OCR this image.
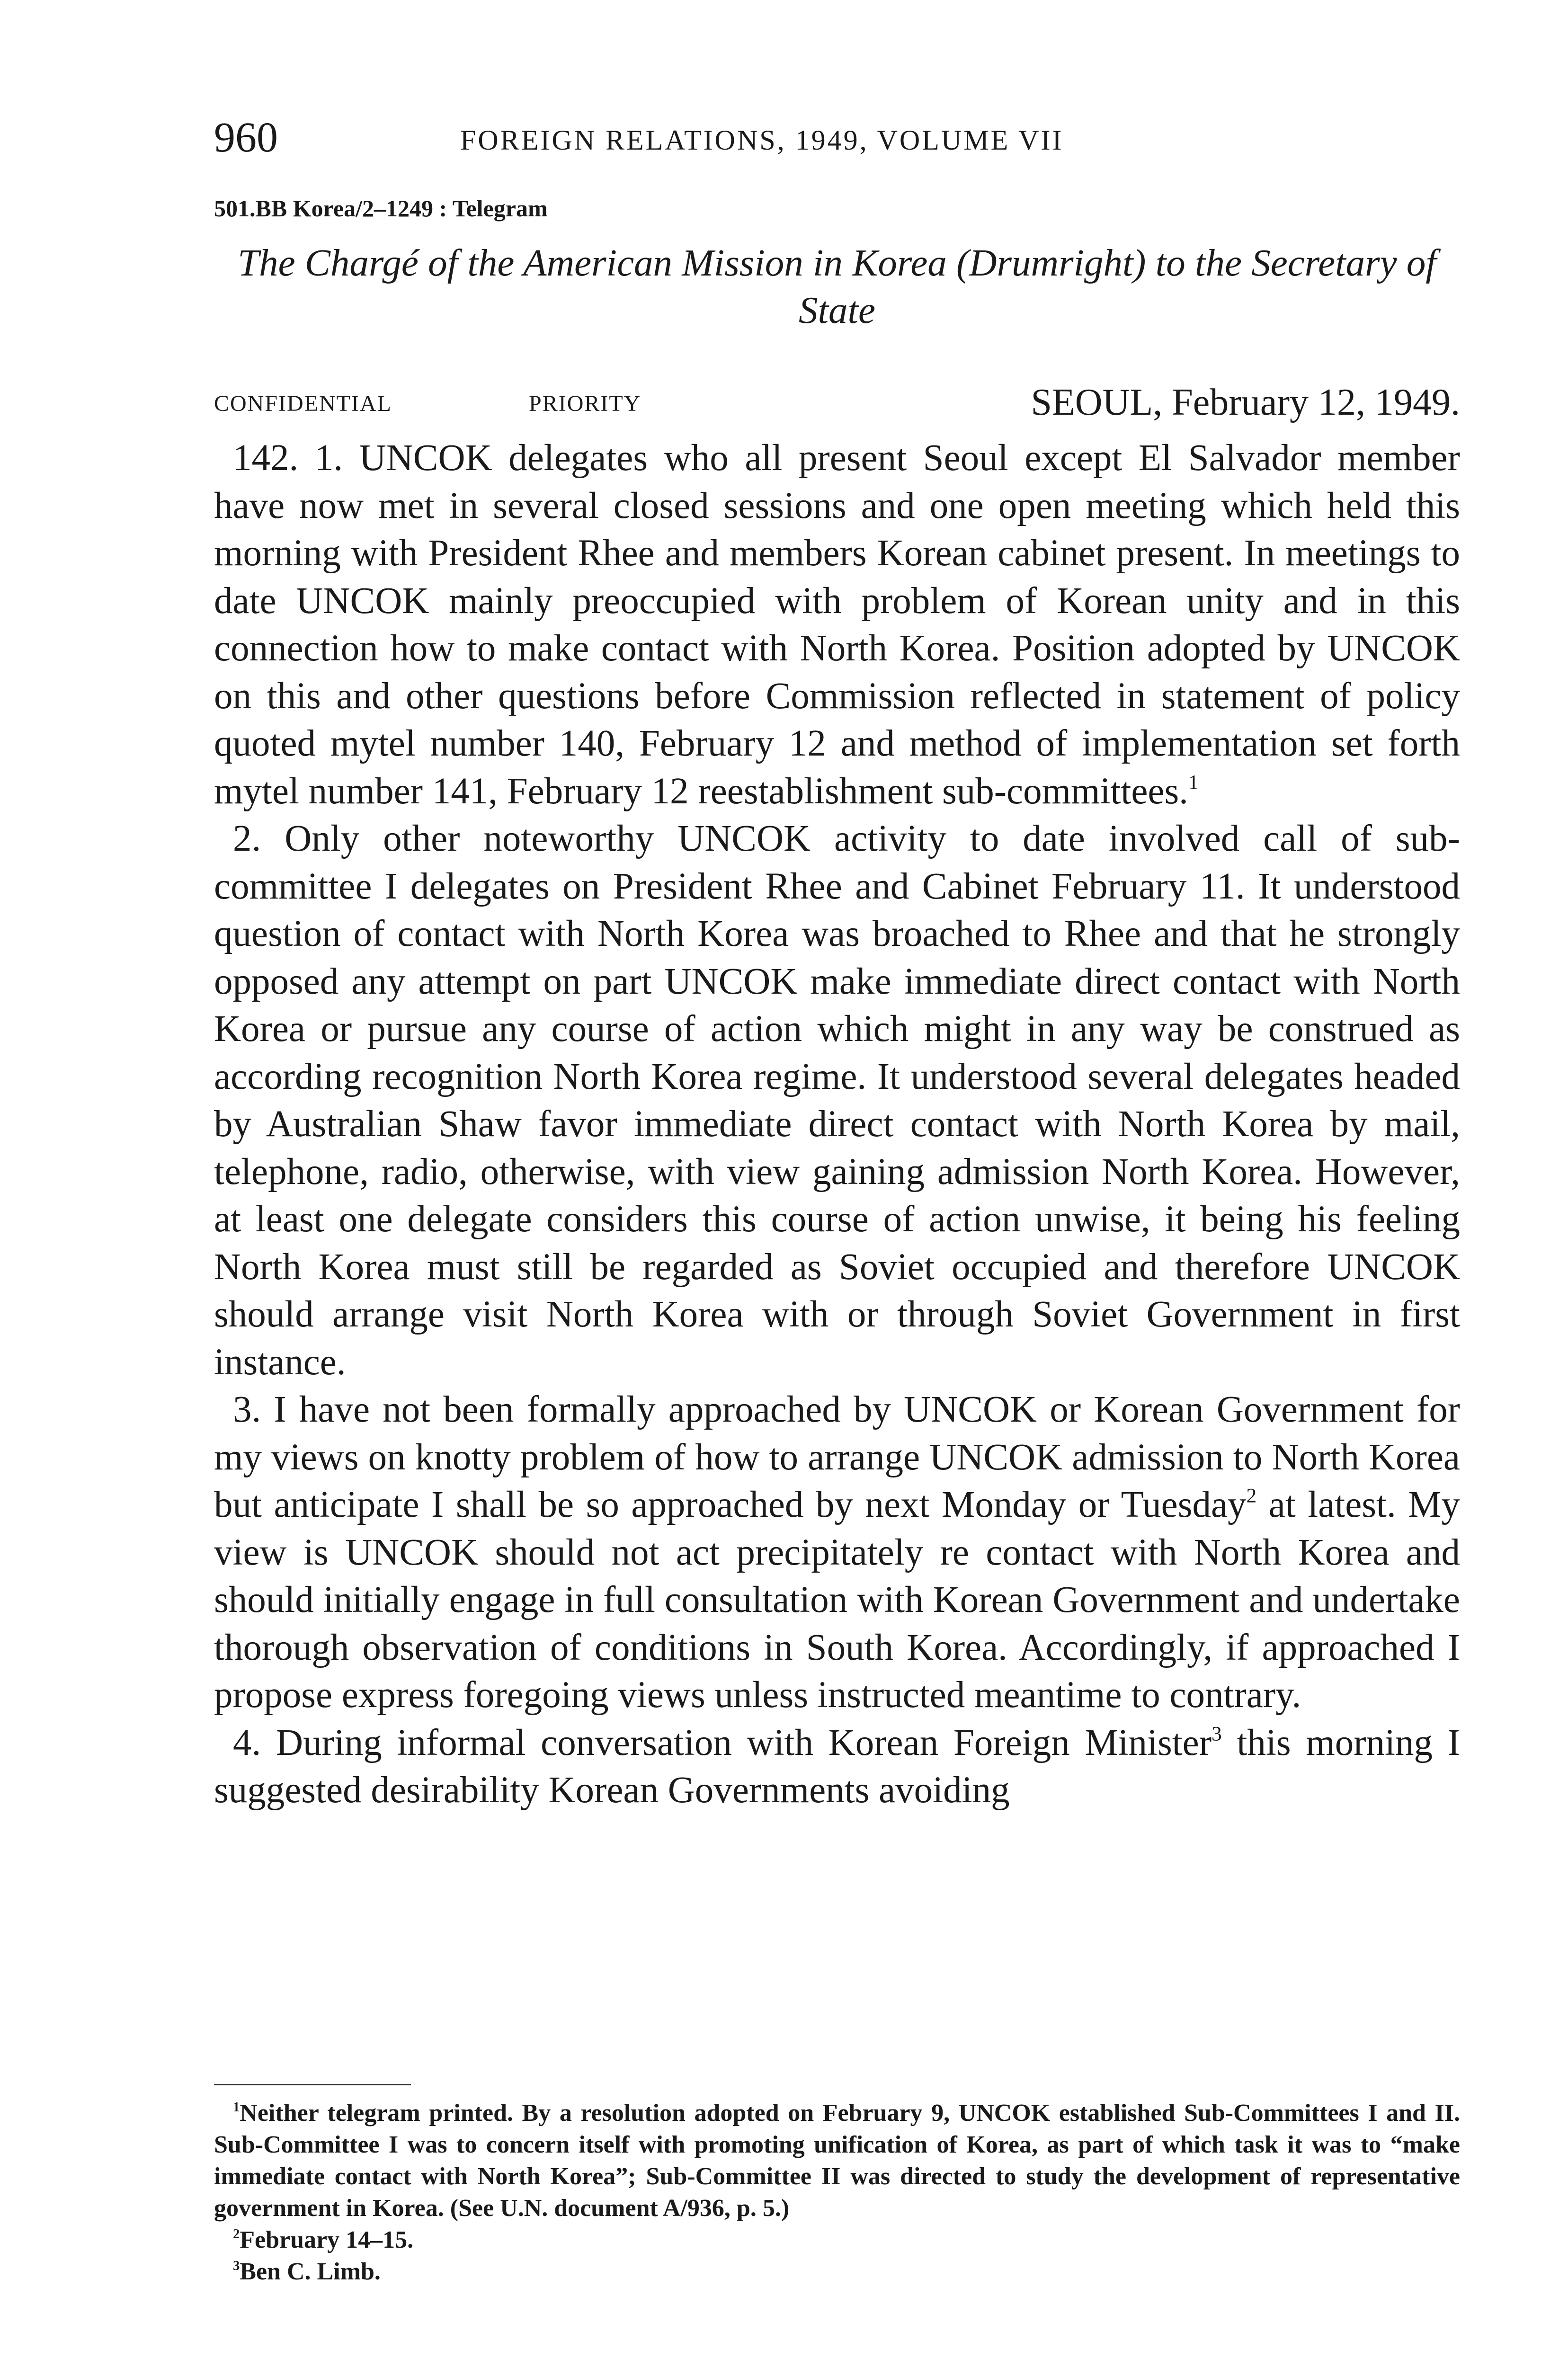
960	FOREIGN RELATIONS, 1949, VOLUME VII
501.BB Korea/2–1249 : Telegram
The Chargé of the American Mission in Korea (Drumright) to the Secretary of State
CONFIDENTIAL	PRIORITY	SEOUL, February 12, 1949.

142. 1. UNCOK delegates who all present Seoul except El Salvador member have now met in several closed sessions and one open meeting which held this morning with President Rhee and members Korean cabinet present. In meetings to date UNCOK mainly preoccupied with problem of Korean unity and in this connection how to make contact with North Korea. Position adopted by UNCOK on this and other questions before Commission reflected in statement of policy quoted mytel number 140, February 12 and method of implementation set forth mytel number 141, February 12 reestablishment sub-committees.$^1$

2. Only other noteworthy UNCOK activity to date involved call of sub-committee I delegates on President Rhee and Cabinet February 11. It understood question of contact with North Korea was broached to Rhee and that he strongly opposed any attempt on part UNCOK make immediate direct contact with North Korea or pursue any course of action which might in any way be construed as according recognition North Korea regime. It understood several delegates headed by Australian Shaw favor immediate direct contact with North Korea by mail, telephone, radio, otherwise, with view gaining admission North Korea. However, at least one delegate considers this course of action unwise, it being his feeling North Korea must still be regarded as Soviet occupied and therefore UNCOK should arrange visit North Korea with or through Soviet Government in first instance.

3. I have not been formally approached by UNCOK or Korean Government for my views on knotty problem of how to arrange UNCOK admission to North Korea but anticipate I shall be so approached by next Monday or Tuesday$^2$ at latest. My view is UNCOK should not act precipitately re contact with North Korea and should initially engage in full consultation with Korean Government and undertake thorough observation of conditions in South Korea. Accordingly, if approached I propose express foregoing views unless instructed meantime to contrary.

4. During informal conversation with Korean Foreign Minister$^3$ this morning I suggested desirability Korean Governments avoiding

$^1$Neither telegram printed. By a resolution adopted on February 9, UNCOK established Sub-Committees I and II. Sub-Committee I was to concern itself with promoting unification of Korea, as part of which task it was to “make immediate contact with North Korea”; Sub-Committee II was directed to study the development of representative government in Korea. (See U.N. document A/936, p. 5.)

$^2$February 14–15.

$^3$Ben C. Limb.
